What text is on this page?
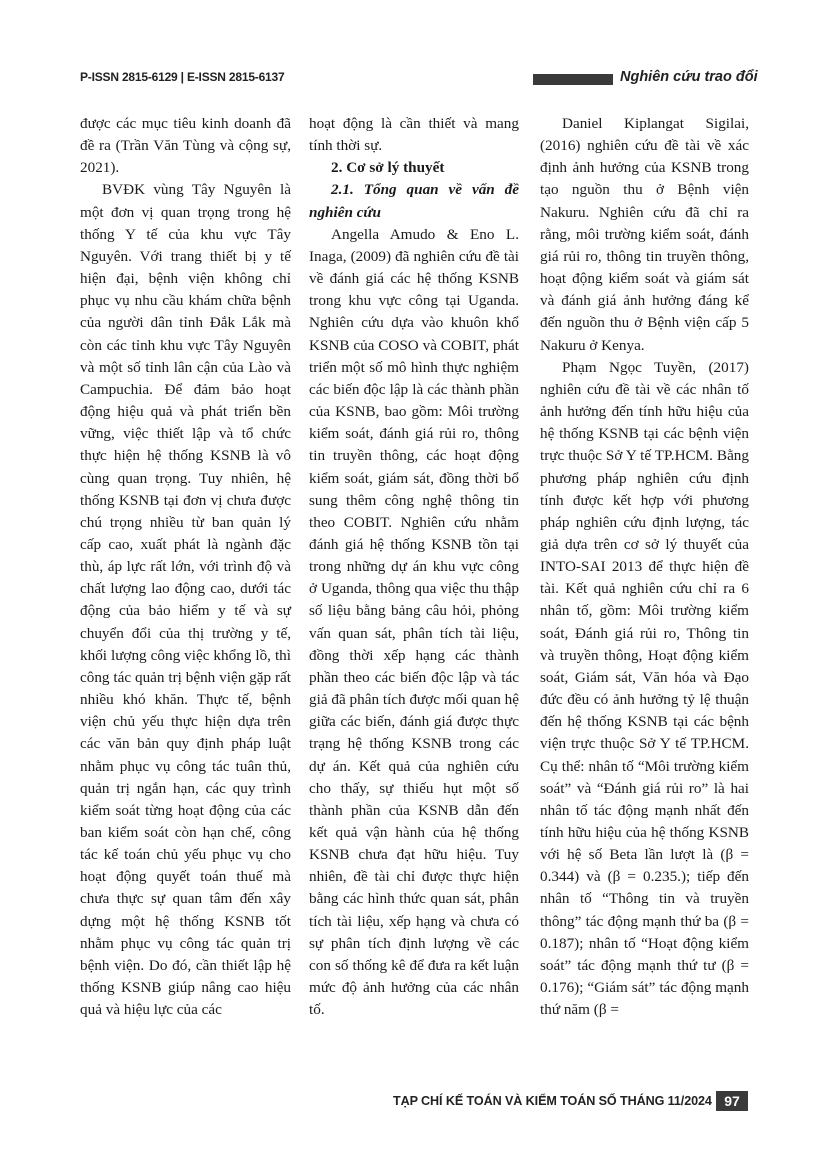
P-ISSN 2815-6129 | E-ISSN 2815-6137	Nghiên cứu trao đổi

được các mục tiêu kinh doanh đã đề ra (Trần Văn Tùng và cộng sự, 2021).

BVĐK vùng Tây Nguyên là một đơn vị quan trọng trong hệ thống Y tế của khu vực Tây Nguyên. Với trang thiết bị y tế hiện đại, bệnh viện không chỉ phục vụ nhu cầu khám chữa bệnh của người dân tỉnh Đắk Lắk mà còn các tỉnh khu vực Tây Nguyên và một số tỉnh lân cận của Lào và Campuchia. Để đảm bảo hoạt động hiệu quả và phát triển bền vững, việc thiết lập và tổ chức thực hiện hệ thống KSNB là vô cùng quan trọng. Tuy nhiên, hệ thống KSNB tại đơn vị chưa được chú trọng nhiều từ ban quản lý cấp cao, xuất phát là ngành đặc thù, áp lực rất lớn, với trình độ và chất lượng lao động cao, dưới tác động của bảo hiểm y tế và sự chuyển đổi của thị trường y tế, khối lượng công việc khổng lồ, thì công tác quản trị bệnh viện gặp rất nhiều khó khăn. Thực tế, bệnh viện chủ yếu thực hiện dựa trên các văn bản quy định pháp luật nhằm phục vụ công tác tuân thủ, quản trị ngắn hạn, các quy trình kiểm soát từng hoạt động của các ban kiểm soát còn hạn chế, công tác kế toán chủ yếu phục vụ cho hoạt động quyết toán thuế mà chưa thực sự quan tâm đến xây dựng một hệ thống KSNB tốt nhằm phục vụ công tác quản trị bệnh viện. Do đó, cần thiết lập hệ thống KSNB giúp nâng cao hiệu quả và hiệu lực của các

hoạt động là cần thiết và mang tính thời sự.

2. Cơ sở lý thuyết

2.1. Tổng quan về vấn đề nghiên cứu

Angella Amudo & Eno L. Inaga, (2009) đã nghiên cứu đề tài về đánh giá các hệ thống KSNB trong khu vực công tại Uganda. Nghiên cứu dựa vào khuôn khổ KSNB của COSO và COBIT, phát triển một số mô hình thực nghiệm các biến độc lập là các thành phần của KSNB, bao gồm: Môi trường kiểm soát, đánh giá rủi ro, thông tin truyền thông, các hoạt động kiểm soát, giám sát, đồng thời bổ sung thêm công nghệ thông tin theo COBIT. Nghiên cứu nhằm đánh giá hệ thống KSNB tồn tại trong những dự án khu vực công ở Uganda, thông qua việc thu thập số liệu bằng bảng câu hỏi, phỏng vấn quan sát, phân tích tài liệu, đồng thời xếp hạng các thành phần theo các biến độc lập và tác giả đã phân tích được mối quan hệ giữa các biến, đánh giá được thực trạng hệ thống KSNB trong các dự án. Kết quả của nghiên cứu cho thấy, sự thiếu hụt một số thành phần của KSNB dẫn đến kết quả vận hành của hệ thống KSNB chưa đạt hữu hiệu. Tuy nhiên, đề tài chỉ được thực hiện bằng các hình thức quan sát, phân tích tài liệu, xếp hạng và chưa có sự phân tích định lượng về các con số thống kê để đưa ra kết luận mức độ ảnh hưởng của các nhân tố.

Daniel Kiplangat Sigilai, (2016) nghiên cứu đề tài về xác định ảnh hưởng của KSNB trong tạo nguồn thu ở Bệnh viện Nakuru. Nghiên cứu đã chỉ ra rằng, môi trường kiểm soát, đánh giá rủi ro, thông tin truyền thông, hoạt động kiểm soát và giám sát và đánh giá ảnh hưởng đáng kể đến nguồn thu ở Bệnh viện cấp 5 Nakuru ở Kenya.

Phạm Ngọc Tuyền, (2017) nghiên cứu đề tài về các nhân tố ảnh hưởng đến tính hữu hiệu của hệ thống KSNB tại các bệnh viện trực thuộc Sở Y tế TP.HCM. Bằng phương pháp nghiên cứu định tính được kết hợp với phương pháp nghiên cứu định lượng, tác giả dựa trên cơ sở lý thuyết của INTO-SAI 2013 để thực hiện đề tài. Kết quả nghiên cứu chỉ ra 6 nhân tố, gồm: Môi trường kiểm soát, Đánh giá rủi ro, Thông tin và truyền thông, Hoạt động kiểm soát, Giám sát, Văn hóa và Đạo đức đều có ảnh hưởng tỷ lệ thuận đến hệ thống KSNB tại các bệnh viện trực thuộc Sở Y tế TP.HCM. Cụ thể: nhân tố “Môi trường kiểm soát” và “Đánh giá rủi ro” là hai nhân tố tác động mạnh nhất đến tính hữu hiệu của hệ thống KSNB với hệ số Beta lần lượt là (β = 0.344) và (β = 0.235.); tiếp đến nhân tố “Thông tin và truyền thông” tác động mạnh thứ ba (β = 0.187); nhân tố “Hoạt động kiểm soát” tác động mạnh thứ tư (β = 0.176); “Giám sát” tác động mạnh thứ năm (β =

TẠP CHÍ KẾ TOÁN VÀ KIỂM TOÁN SỐ THÁNG 11/2024 97
